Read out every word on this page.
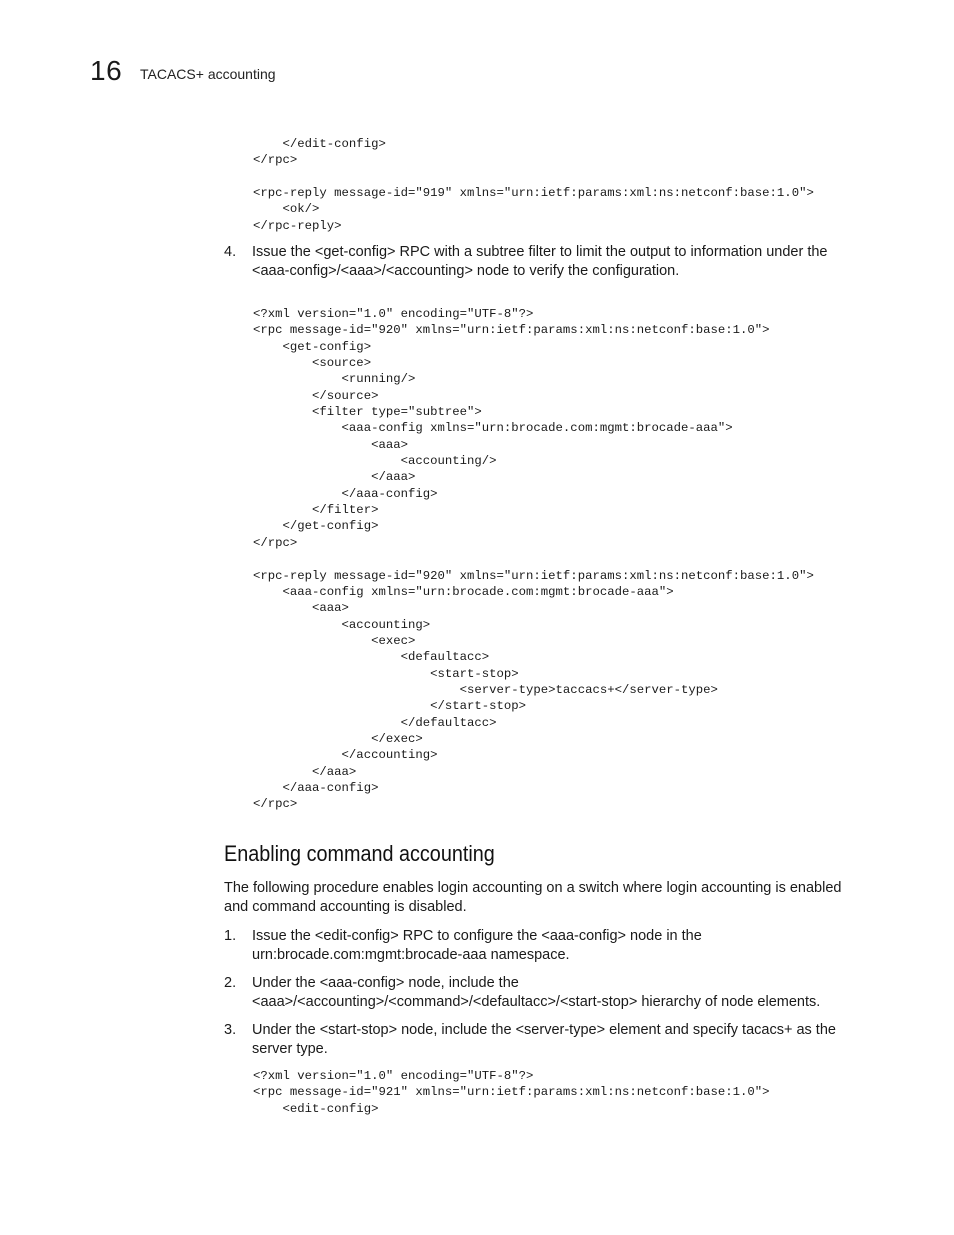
16 TACACS+ accounting
</edit-config>
</rpc>

<rpc-reply message-id="919" xmlns="urn:ietf:params:xml:ns:netconf:base:1.0">
<ok/>
</rpc-reply>
4. Issue the <get-config> RPC with a subtree filter to limit the output to information under the <aaa-config>/<aaa>/<accounting> node to verify the configuration.
<?xml version="1.0" encoding="UTF-8"?>
<rpc message-id="920" xmlns="urn:ietf:params:xml:ns:netconf:base:1.0">
<get-config>
<source>
<running/>
</source>
<filter type="subtree">
<aaa-config xmlns="urn:brocade.com:mgmt:brocade-aaa">
<aaa>
<accounting/>
</aaa>
</aaa-config>
</filter>
</get-config>
</rpc>

<rpc-reply message-id="920" xmlns="urn:ietf:params:xml:ns:netconf:base:1.0">
<aaa-config xmlns="urn:brocade.com:mgmt:brocade-aaa">
<aaa>
<accounting>
<exec>
<defaultacc>
<start-stop>
<server-type>taccacs+</server-type>
</start-stop>
</defaultacc>
</exec>
</accounting>
</aaa>
</aaa-config>
</rpc>
Enabling command accounting
The following procedure enables login accounting on a switch where login accounting is enabled and command accounting is disabled.
1. Issue the <edit-config> RPC to configure the <aaa-config> node in the urn:brocade.com:mgmt:brocade-aaa namespace.
2. Under the <aaa-config> node, include the <aaa>/<accounting>/<command>/<defaultacc>/<start-stop> hierarchy of node elements.
3. Under the <start-stop> node, include the <server-type> element and specify tacacs+ as the server type.
<?xml version="1.0" encoding="UTF-8"?>
<rpc message-id="921" xmlns="urn:ietf:params:xml:ns:netconf:base:1.0">
<edit-config>
